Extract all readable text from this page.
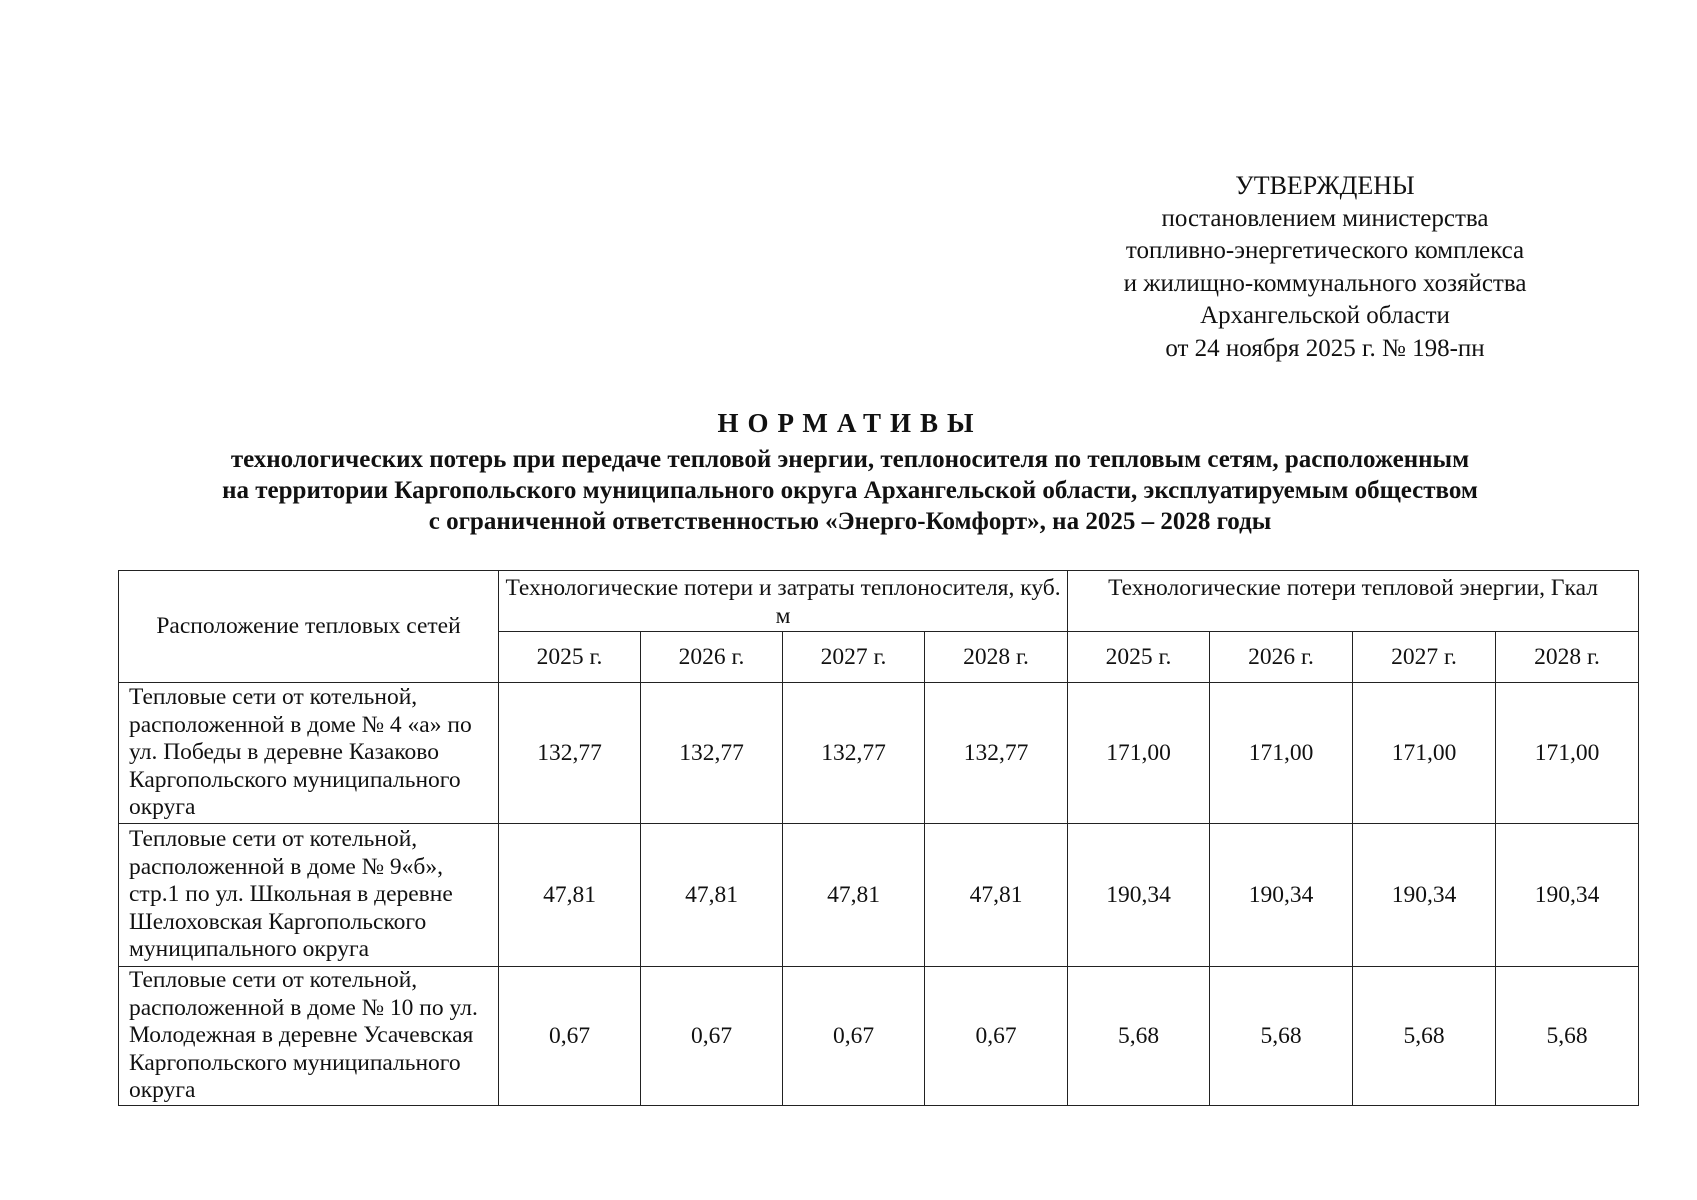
УТВЕРЖДЕНЫ
постановлением министерства
топливно-энергетического комплекса
и жилищно-коммунального хозяйства
Архангельской области
от 24 ноября 2025 г. № 198-пн
НОРМАТИВЫ
технологических потерь при передаче тепловой энергии, теплоносителя по тепловым сетям, расположенным
на территории Каргопольского муниципального округа Архангельской области, эксплуатируемым обществом
с ограниченной ответственностью «Энерго-Комфорт», на 2025 – 2028 годы
Расположение тепловых сетей	Технологические потери и затраты теплоносителя, куб. м				Технологические потери тепловой энергии, Гкал			
	2025 г.	2026 г.	2027 г.	2028 г.	2025 г.	2026 г.	2027 г.	2028 г.
Тепловые сети от котельной, расположенной в доме № 4 «а» по ул. Победы в деревне Казаково Каргопольского муниципального округа	132,77	132,77	132,77	132,77	171,00	171,00	171,00	171,00
Тепловые сети от котельной, расположенной в доме № 9«б», стр.1 по ул. Школьная в деревне Шелоховская Каргопольского муниципального округа	47,81	47,81	47,81	47,81	190,34	190,34	190,34	190,34
Тепловые сети от котельной, расположенной в доме № 10 по ул. Молодежная в деревне Усачевская Каргопольского муниципального округа	0,67	0,67	0,67	0,67	5,68	5,68	5,68	5,68
